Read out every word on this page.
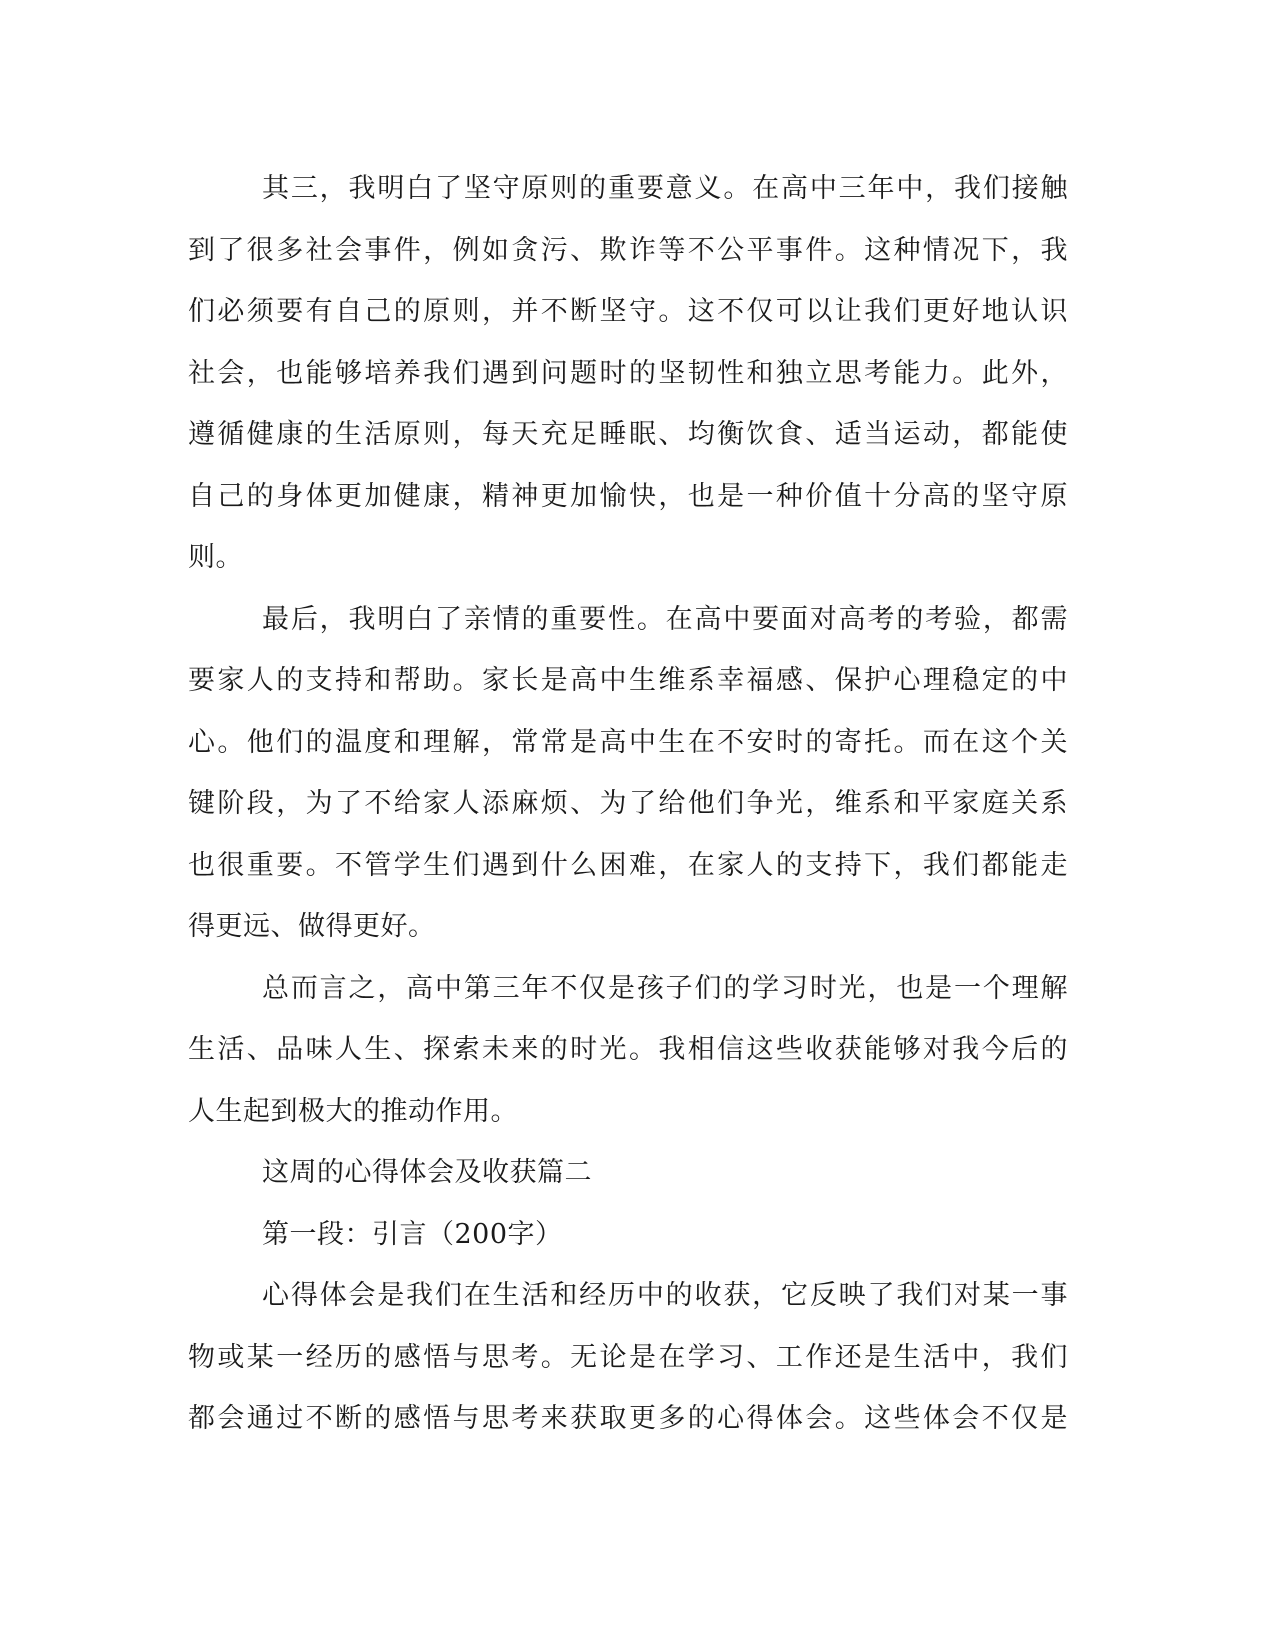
其三，我明白了坚守原则的重要意义。在高中三年中，我们接触
到了很多社会事件，例如贪污、欺诈等不公平事件。这种情况下，我
们必须要有自己的原则，并不断坚守。这不仅可以让我们更好地认识
社会，也能够培养我们遇到问题时的坚韧性和独立思考能力。此外，
遵循健康的生活原则，每天充足睡眠、均衡饮食、适当运动，都能使
自己的身体更加健康，精神更加愉快，也是一种价值十分高的坚守原
则。
最后，我明白了亲情的重要性。在高中要面对高考的考验，都需
要家人的支持和帮助。家长是高中生维系幸福感、保护心理稳定的中
心。他们的温度和理解，常常是高中生在不安时的寄托。而在这个关
键阶段，为了不给家人添麻烦、为了给他们争光，维系和平家庭关系
也很重要。不管学生们遇到什么困难，在家人的支持下，我们都能走
得更远、做得更好。
总而言之，高中第三年不仅是孩子们的学习时光，也是一个理解
生活、品味人生、探索未来的时光。我相信这些收获能够对我今后的
人生起到极大的推动作用。
这周的心得体会及收获篇二
第一段：引言（200字）
心得体会是我们在生活和经历中的收获，它反映了我们对某一事
物或某一经历的感悟与思考。无论是在学习、工作还是生活中，我们
都会通过不断的感悟与思考来获取更多的心得体会。这些体会不仅是
